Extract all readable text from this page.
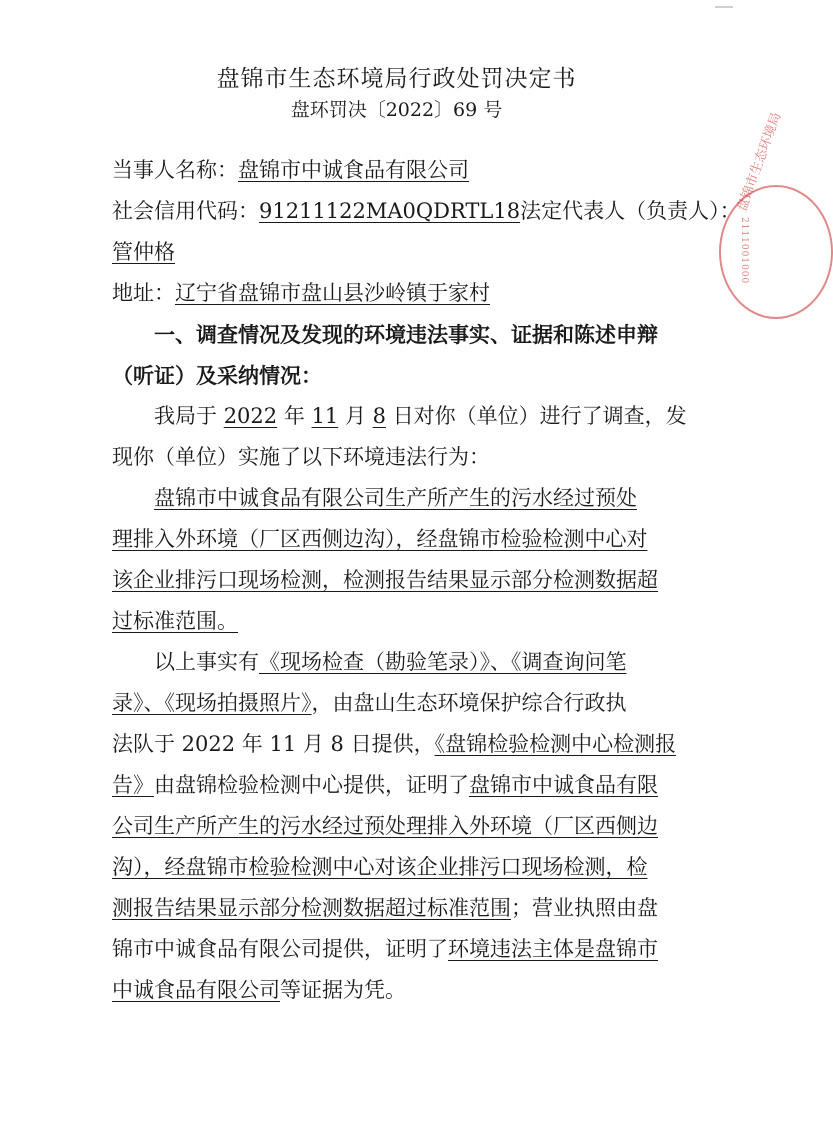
盘锦市生态环境局行政处罚决定书
盘环罚决〔2022〕69 号
当事人名称：盘锦市中诚食品有限公司
社会信用代码：91211122MA0QDRTL18法定代表人（负责人）：
管仲格
地址：辽宁省盘锦市盘山县沙岭镇于家村
一、调查情况及发现的环境违法事实、证据和陈述申辩
（听证）及采纳情况：
我局于 2022 年 11 月 8 日对你（单位）进行了调查，发
现你（单位）实施了以下环境违法行为：
盘锦市中诚食品有限公司生产所产生的污水经过预处
理排入外环境（厂区西侧边沟），经盘锦市检验检测中心对
该企业排污口现场检测，检测报告结果显示部分检测数据超
过标准范围。
以上事实有《现场检查（勘验笔录）》、《调查询问笔
录》、《现场拍摄照片》，由盘山生态环境保护综合行政执
法队于 2022 年 11 月 8 日提供，《盘锦检验检测中心检测报
告》由盘锦检验检测中心提供，证明了盘锦市中诚食品有限
公司生产所产生的污水经过预处理排入外环境（厂区西侧边
沟），经盘锦市检验检测中心对该企业排污口现场检测，检
测报告结果显示部分检测数据超过标准范围；营业执照由盘
锦市中诚食品有限公司提供，证明了环境违法主体是盘锦市
中诚食品有限公司等证据为凭。
盘锦市生态环境局
2111001000
